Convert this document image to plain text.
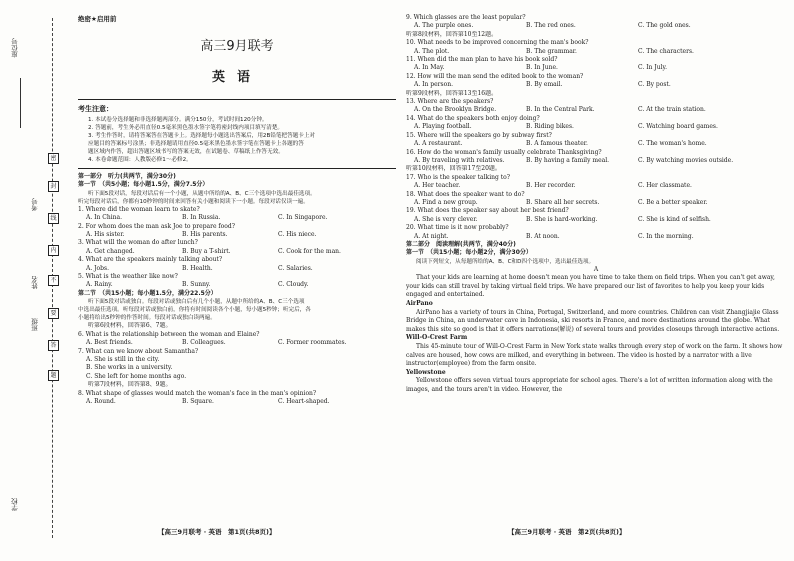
座位号
考号
姓名
班级
学校
密
封
线
内
不
要
答
题
绝密★启用前
高三9月联考
英语
考生注意：
1. 本试卷分选择题和非选择题两部分。满分150分，考试时间120分钟。
2. 答题前，考生务必用直径0.5毫米黑色墨水签字笔将密封线内项目填写清楚。
3. 考生作答时，请将答案答在答题卡上。选择题每小题选出答案后，用2B铅笔把答题卡上对
应题目的答案标号涂黑；非选择题请用直径0.5毫米黑色墨水签字笔在答题卡上各题的答
题区域内作答，超出答题区域书写的答案无效，在试题卷、草稿纸上作答无效。
4. 本卷命题范围：人教版必修1～必修2。
第一部分　听力(共两节，满分30分)
第一节　（共5小题；每小题1.5分，满分7.5分）
听下面5段对话，每段对话后有一个小题，从题中所给的A、B、C三个选项中选出最佳选项。
听完每段对话后，你都有10秒钟的时间来回答有关小题和阅读下一小题。每段对话仅读一遍。
1. Where did the woman learn to skate?
A. In China.	B. In Russia.	C. In Singapore.
2. For whom does the man ask Joe to prepare food?
A. His sister.	B. His parents.	C. His niece.
3. What will the woman do after lunch?
A. Get changed.	B. Buy a T-shirt.	C. Cook for the man.
4. What are the speakers mainly talking about?
A. Jobs.	B. Health.	C. Salaries.
5. What is the weather like now?
A. Rainy.	B. Sunny.	C. Cloudy.
第二节　（共15小题；每小题1.5分，满分22.5分）
听下面5段对话或独白。每段对话或独白后有几个小题，从题中所给的A、B、C三个选项
中选出最佳选项。听每段对话或独白前，你将有时间阅读各个小题，每小题5秒钟；听完后，各
小题将给出5秒钟的作答时间。每段对话或独白读两遍。
听第6段材料，回答第6、7题。
6. What is the relationship between the woman and Elaine?
A. Best friends.	B. Colleagues.	C. Former roommates.
7. What can we know about Samantha?
A. She is still in the city.
B. She works in a university.
C. She left for home months ago.
听第7段材料，回答第8、9题。
8. What shape of glasses would match the woman's face in the man's opinion?
A. Round.	B. Square.	C. Heart-shaped.
【高三9月联考 · 英语　第1页(共8页)】
9. Which glasses are the least popular?
A. The purple ones.	B. The red ones.	C. The gold ones.
听第8段材料，回答第10至12题。
10. What needs to be improved concerning the man's book?
A. The plot.	B. The grammar.	C. The characters.
11. When did the man plan to have his book sold?
A. In May.	B. In June.	C. In July.
12. How will the man send the edited book to the woman?
A. In person.	B. By email.	C. By post.
听第9段材料，回答第13至16题。
13. Where are the speakers?
A. On the Brooklyn Bridge.	B. In the Central Park.	C. At the train station.
14. What do the speakers both enjoy doing?
A. Playing football.	B. Riding bikes.	C. Watching board games.
15. Where will the speakers go by subway first?
A. A restaurant.	B. A famous theater.	C. The woman's home.
16. How do the woman's family usually celebrate Thanksgiving?
A. By traveling with relatives.	B. By having a family meal.	C. By watching movies outside.
听第10段材料，回答第17至20题。
17. Who is the speaker talking to?
A. Her teacher.	B. Her recorder.	C. Her classmate.
18. What does the speaker want to do?
A. Find a new group.	B. Share all her secrets.	C. Be a better speaker.
19. What does the speaker say about her best friend?
A. She is very clever.	B. She is hard-working.	C. She is kind of selfish.
20. What time is it now probably?
A. At night.	B. At noon.	C. In the morning.
第二部分　阅读理解(共两节，满分40分)
第一节　（共15小题；每小题2分，满分30分）
阅读下列短文，从每题所给的A、B、C和D四个选项中，选出最佳选项。
A
That your kids are learning at home doesn't mean you have time to take them on field trips. When you can't get away, your kids can still travel by taking virtual field trips. We have prepared our list of favorites to help you keep your kids engaged and entertained.
AirPano
AirPano has a variety of tours in China, Portugal, Switzerland, and more countries. Children can visit Zhangjiajie Glass Bridge in China, an underwater cave in Indonesia, ski resorts in France, and more destinations around the globe. What makes this site so good is that it offers narrations(解说) of several tours and provides closeups through interactive actions.
Will-O-Crest Farm
This 45-minute tour of Will-O-Crest Farm in New York state walks through every step of work on the farm. It shows how calves are housed, how cows are milked, and everything in between. The video is hosted by a narrator with a live instructor(employee) from the farm onsite.
Yellowstone
Yellowstone offers seven virtual tours appropriate for school ages. There's a lot of written information along with the images, and the tours aren't in video. However, the
【高三9月联考 · 英语　第2页(共8页)】
